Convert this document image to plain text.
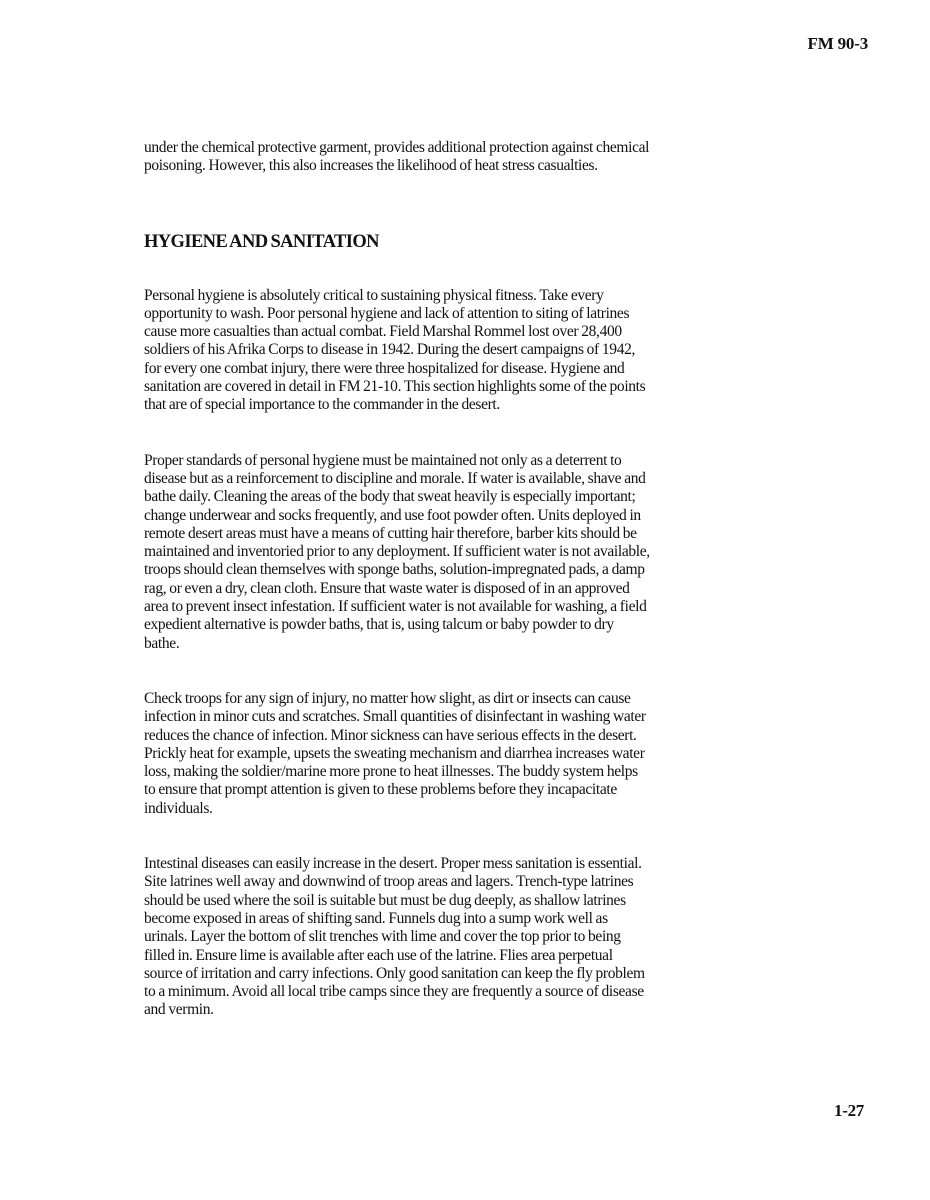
FM 90-3

under the chemical protective garment, provides additional protection against chemical poisoning. However, this also increases the likelihood of heat stress casualties.

HYGIENE AND SANITATION

Personal hygiene is absolutely critical to sustaining physical fitness. Take every opportunity to wash. Poor personal hygiene and lack of attention to siting of latrines cause more casualties than actual combat. Field Marshal Rommel lost over 28,400 soldiers of his Afrika Corps to disease in 1942. During the desert campaigns of 1942, for every one combat injury, there were three hospitalized for disease. Hygiene and sanitation are covered in detail in FM 21-10. This section highlights some of the points that are of special importance to the commander in the desert.

Proper standards of personal hygiene must be maintained not only as a deterrent to disease but as a reinforcement to discipline and morale. If water is available, shave and bathe daily. Cleaning the areas of the body that sweat heavily is especially important; change underwear and socks frequently, and use foot powder often. Units deployed in remote desert areas must have a means of cutting hair therefore, barber kits should be maintained and inventoried prior to any deployment. If sufficient water is not available, troops should clean themselves with sponge baths, solution-impregnated pads, a damp rag, or even a dry, clean cloth. Ensure that waste water is disposed of in an approved area to prevent insect infestation. If sufficient water is not available for washing, a field expedient alternative is powder baths, that is, using talcum or baby powder to dry bathe.

Check troops for any sign of injury, no matter how slight, as dirt or insects can cause infection in minor cuts and scratches. Small quantities of disinfectant in washing water reduces the chance of infection. Minor sickness can have serious effects in the desert. Prickly heat for example, upsets the sweating mechanism and diarrhea increases water loss, making the soldier/marine more prone to heat illnesses. The buddy system helps to ensure that prompt attention is given to these problems before they incapacitate individuals.

Intestinal diseases can easily increase in the desert. Proper mess sanitation is essential. Site latrines well away and downwind of troop areas and lagers. Trench-type latrines should be used where the soil is suitable but must be dug deeply, as shallow latrines become exposed in areas of shifting sand. Funnels dug into a sump work well as urinals. Layer the bottom of slit trenches with lime and cover the top prior to being filled in. Ensure lime is available after each use of the latrine. Flies area perpetual source of irritation and carry infections. Only good sanitation can keep the fly problem to a minimum. Avoid all local tribe camps since they are frequently a source of disease and vermin.

1-27
